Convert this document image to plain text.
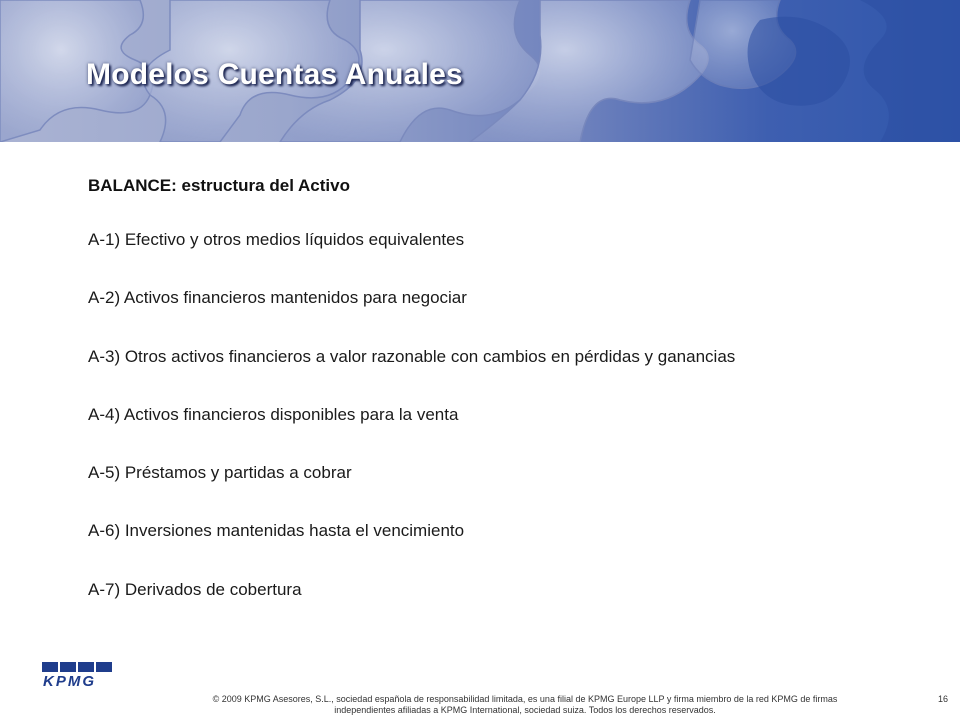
Modelos Cuentas Anuales
BALANCE: estructura del Activo
A-1) Efectivo y otros medios líquidos equivalentes
A-2) Activos financieros mantenidos para negociar
A-3) Otros activos financieros a valor razonable con cambios en pérdidas y ganancias
A-4) Activos financieros disponibles para la venta
A-5) Préstamos y partidas a cobrar
A-6) Inversiones mantenidas hasta el vencimiento
A-7) Derivados de cobertura
KPMG
© 2009 KPMG Asesores, S.L., sociedad española de responsabilidad limitada, es una filial de KPMG Europe LLP y firma miembro de la red KPMG de firmas
independientes afiliadas a KPMG International, sociedad suiza. Todos los derechos reservados.
16
